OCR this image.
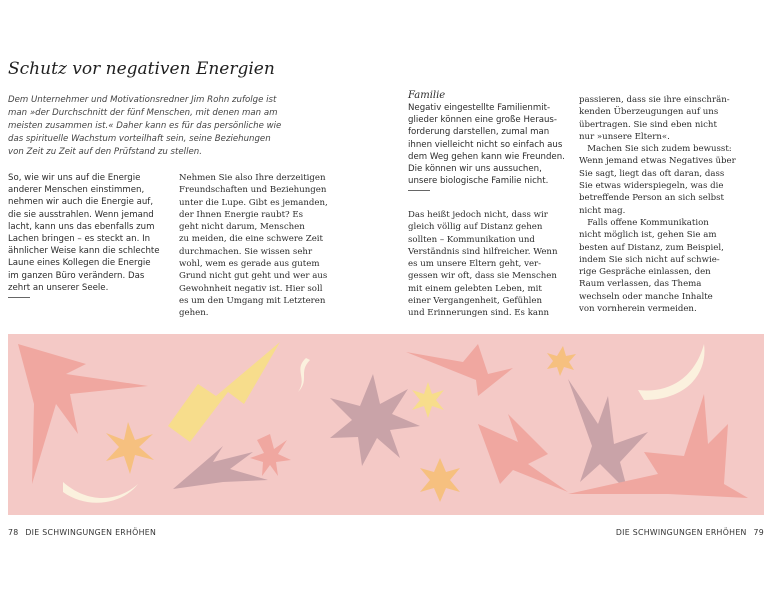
Schutz vor negativen Energien
Dem Unternehmer und Motivationsredner Jim Rohn zufolge ist
man »der Durchschnitt der fünf Menschen, mit denen man am
meisten zusammen ist.« Daher kann es für das persönliche wie
das spirituelle Wachstum vorteilhaft sein, seine Beziehungen
von Zeit zu Zeit auf den Prüfstand zu stellen.
So, wie wir uns auf die Energie
anderer Menschen einstimmen,
nehmen wir auch die Energie auf,
die sie ausstrahlen. Wenn jemand
lacht, kann uns das ebenfalls zum
Lachen bringen – es steckt an. In
ähnlicher Weise kann die schlechte
Laune eines Kollegen die Energie
im ganzen Büro verändern. Das
zehrt an unserer Seele.
Nehmen Sie also Ihre derzeitigen
Freundschaften und Beziehungen
unter die Lupe. Gibt es jemanden,
der Ihnen Energie raubt? Es
geht nicht darum, Menschen
zu meiden, die eine schwere Zeit
durchmachen. Sie wissen sehr
wohl, wem es gerade aus gutem
Grund nicht gut geht und wer aus
Gewohnheit negativ ist. Hier soll
es um den Umgang mit Letzteren
gehen.
Familie
Negativ eingestellte Familienmit-
glieder können eine große Heraus-
forderung darstellen, zumal man
ihnen vielleicht nicht so einfach aus
dem Weg gehen kann wie Freunden.
Die können wir uns aussuchen,
unsere biologische Familie nicht.
Das heißt jedoch nicht, dass wir
gleich völlig auf Distanz gehen
sollten – Kommunikation und
Verständnis sind hilfreicher. Wenn
es um unsere Eltern geht, ver-
gessen wir oft, dass sie Menschen
mit einem gelebten Leben, mit
einer Vergangenheit, Gefühlen
und Erinnerungen sind. Es kann
passieren, dass sie ihre einschrän-
kenden Überzeugungen auf uns
übertragen. Sie sind eben nicht
nur »unsere Eltern«.
Machen Sie sich zudem bewusst:
Wenn jemand etwas Negatives über
Sie sagt, liegt das oft daran, dass
Sie etwas widerspiegeln, was die
betreffende Person an sich selbst
nicht mag.
Falls offene Kommunikation
nicht möglich ist, gehen Sie am
besten auf Distanz, zum Beispiel,
indem Sie sich nicht auf schwie-
rige Gespräche einlassen, den
Raum verlassen, das Thema
wechseln oder manche Inhalte
von vornherein vermeiden.
78 DIE SCHWINGUNGEN ERHÖHEN	DIE SCHWINGUNGEN ERHÖHEN 79
